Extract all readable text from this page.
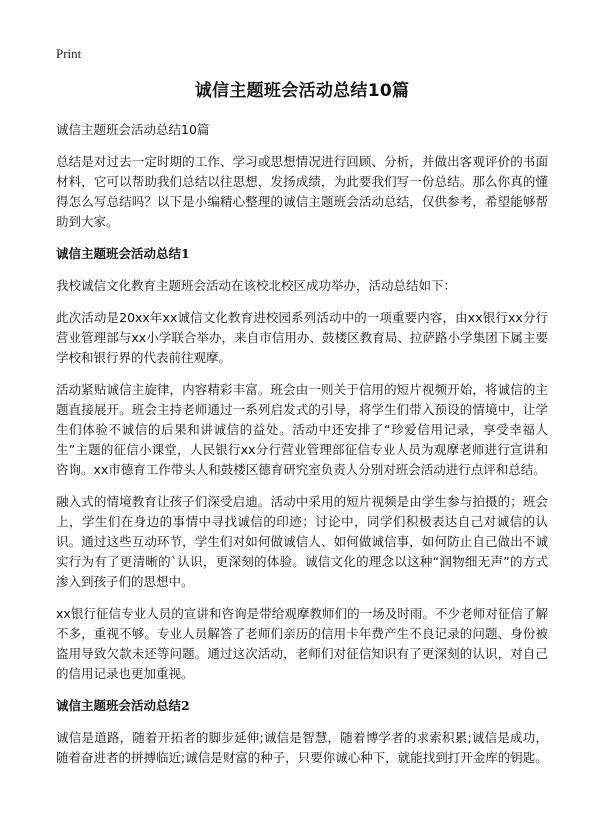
Print
诚信主题班会活动总结10篇
诚信主题班会活动总结10篇

总结是对过去一定时期的工作、学习或思想情况进行回顾、分析，并做出客观评价的书面材料，它可以帮助我们总结以往思想，发扬成绩，为此要我们写一份总结。那么你真的懂得怎么写总结吗？以下是小编精心整理的诚信主题班会活动总结，仅供参考，希望能够帮助到大家。

诚信主题班会活动总结1

我校诚信文化教育主题班会活动在该校北校区成功举办，活动总结如下：

此次活动是20xx年xx诚信文化教育进校园系列活动中的一项重要内容，由xx银行xx分行营业管理部与xx小学联合举办，来自市信用办、鼓楼区教育局、拉萨路小学集团下属主要学校和银行界的代表前往观摩。

活动紧贴诚信主旋律，内容精彩丰富。班会由一则关于信用的短片视频开始，将诚信的主题直接展开。班会主持老师通过一系列启发式的引导，将学生们带入预设的情境中，让学生们体验不诚信的后果和讲诚信的益处。活动中还安排了“珍爱信用记录，享受幸福人生”主题的征信小课堂，人民银行xx分行营业管理部征信专业人员为观摩老师进行宣讲和咨询。xx市德育工作带头人和鼓楼区德育研究室负责人分别对班会活动进行点评和总结。

融入式的情境教育让孩子们深受启迪。活动中采用的短片视频是由学生参与拍摄的；班会上，学生们在身边的事情中寻找诚信的印迹；讨论中，同学们积极表达自己对诚信的认识。通过这些互动环节，学生们对如何做诚信人、如何做诚信事，如何防止自己做出不诚实行为有了更清晰的`认识，更深刻的体验。诚信文化的理念以这种“润物细无声”的方式渗入到孩子们的思想中。

xx银行征信专业人员的宣讲和咨询是带给观摩教师们的一场及时雨。不少老师对征信了解不多，重视不够。专业人员解答了老师们亲历的信用卡年费产生不良记录的问题、身份被盗用导致欠款未还等问题。通过这次活动，老师们对征信知识有了更深刻的认识，对自己的信用记录也更加重视。

诚信主题班会活动总结2

诚信是道路，随着开拓者的脚步延伸;诚信是智慧，随着博学者的求索积累;诚信是成功，随着奋进者的拼搏临近;诚信是财富的种子，只要你诚心种下，就能找到打开金库的钥匙。
